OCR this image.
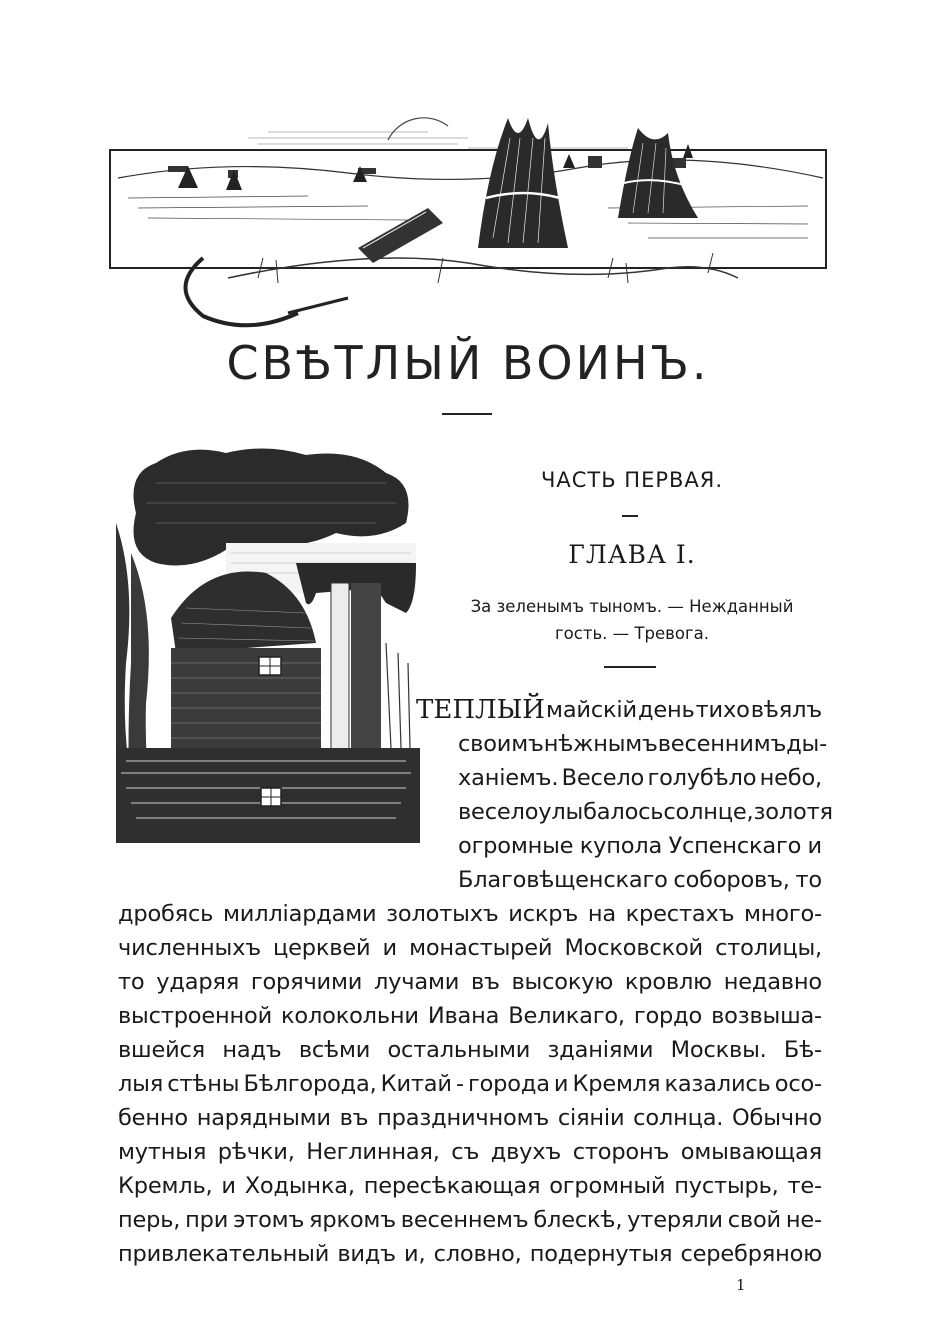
СВѢТЛЫЙ ВОИНЪ.
ЧАСТЬ ПЕРВАЯ.
ГЛАВА I.
За зеленымъ тыномъ. — Нежданный
гость. — Тревога.
ТЕПЛЫЙ майскій день тихо вѣялъ
своимъ нѣжнымъ весеннимъ ды-
ханіемъ. Весело голубѣло небо,
весело улыбалось солнце, золотя
огромные купола Успенскаго и
Благовѣщенскаго соборовъ, то
дробясь милліардами золотыхъ искръ на крестахъ много-
численныхъ церквей и монастырей Московской столицы,
то ударяя горячими лучами въ высокую кровлю недавно
выстроенной колокольни Ивана Великаго, гордо возвыша-
вшейся надъ всѣми остальными зданіями Москвы. Бѣ-
лыя стѣны Бѣлгорода, Китай - города и Кремля казались осо-
бенно нарядными въ праздничномъ сіяніи солнца. Обычно
мутныя рѣчки, Неглинная, съ двухъ сторонъ омывающая
Кремль, и Ходынка, пересѣкающая огромный пустырь, те-
перь, при этомъ яркомъ весеннемъ блескѣ, утеряли свой не-
привлекательный видъ и, словно, подернутыя серебряною
1
